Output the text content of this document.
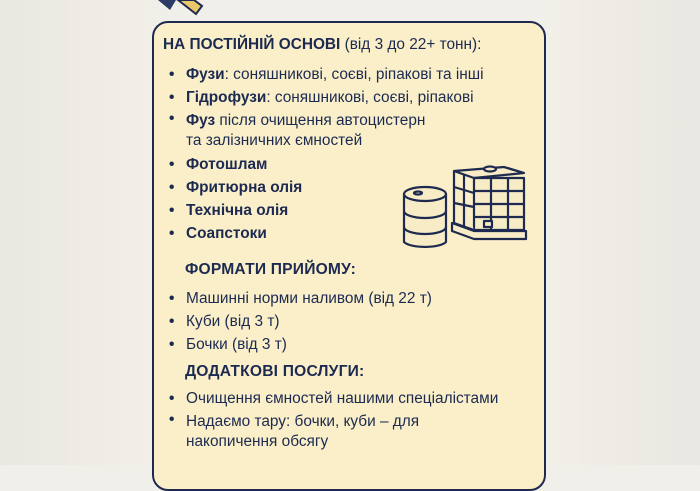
НА ПОСТІЙНІЙ ОСНОВІ (від 3 до 22+ тонн):
• Фузи: соняшникові, соєві, ріпакові та інші
• Гідрофузи: соняшникові, соєві, ріпакові
• Фуз після очищення автоцистерн
та залізничних ємностей
• Фотошлам
• Фритюрна олія
• Технічна олія
• Соапстоки
ФОРМАТИ ПРИЙОМУ:
• Машинні норми наливом (від 22 т)
• Куби (від 3 т)
• Бочки (від 3 т)
ДОДАТКОВІ ПОСЛУГИ:
• Очищення ємностей нашими спеціалістами
• Надаємо тару: бочки, куби – для
накопичення обсягу
